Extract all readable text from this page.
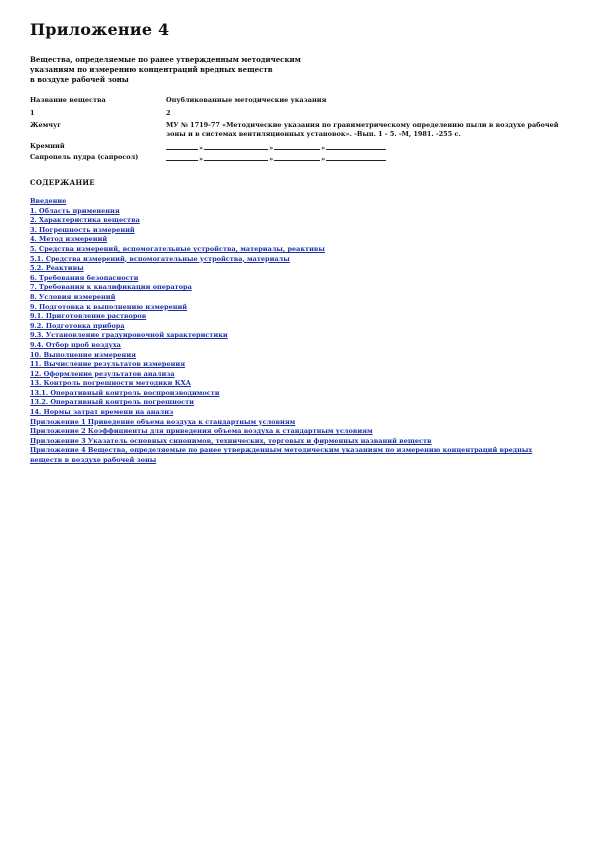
Приложение 4
Вещества, определяемые по ранее утвержденным методическим
указаниям по измерению концентраций вредных веществ
в воздухе рабочей зоны
Название вещества	Опубликованные методические указания
1	2
Жемчуг	МУ № 1719-77 «Методические указания по гравиметрическому определению пыли в воздухе рабочей зоны и в системах вентиляционных установок». -Вып. 1 - 5. -М, 1981. -255 с.
Кремний	» » »
Сапропель пудра (сапросол)	» » »
СОДЕРЖАНИЕ
Введение
1. Область применения
2. Характеристика вещества
3. Погрешность измерений
4. Метод измерений
5. Средства измерений, вспомогательные устройства, материалы, реактивы
5.1. Средства измерений, вспомогательные устройства, материалы
5.2. Реактивы
6. Требования безопасности
7. Требования к квалификации оператора
8. Условия измерений
9. Подготовка к выполнению измерений
9.1. Приготовление растворов
9.2. Подготовка прибора
9.3. Установление градуировочной характеристики
9.4. Отбор проб воздуха
10. Выполнение измерения
11. Вычисление результатов измерения
12. Оформление результатов анализа
13. Контроль погрешности методики КХА
13.1. Оперативный контроль воспроизводимости
13.2. Оперативный контроль погрешности
14. Нормы затрат времени на анализ
Приложение 1 Приведение объема воздуха к стандартным условиям
Приложение 2 Коэффициенты для приведения объема воздуха к стандартным условиям
Приложение 3 Указатель основных синонимов, технических, торговых и фирменных названий веществ
Приложение 4 Вещества, определяемые по ранее утвержденным методическим указаниям по измерению концентраций вредных веществ в воздухе рабочей зоны
